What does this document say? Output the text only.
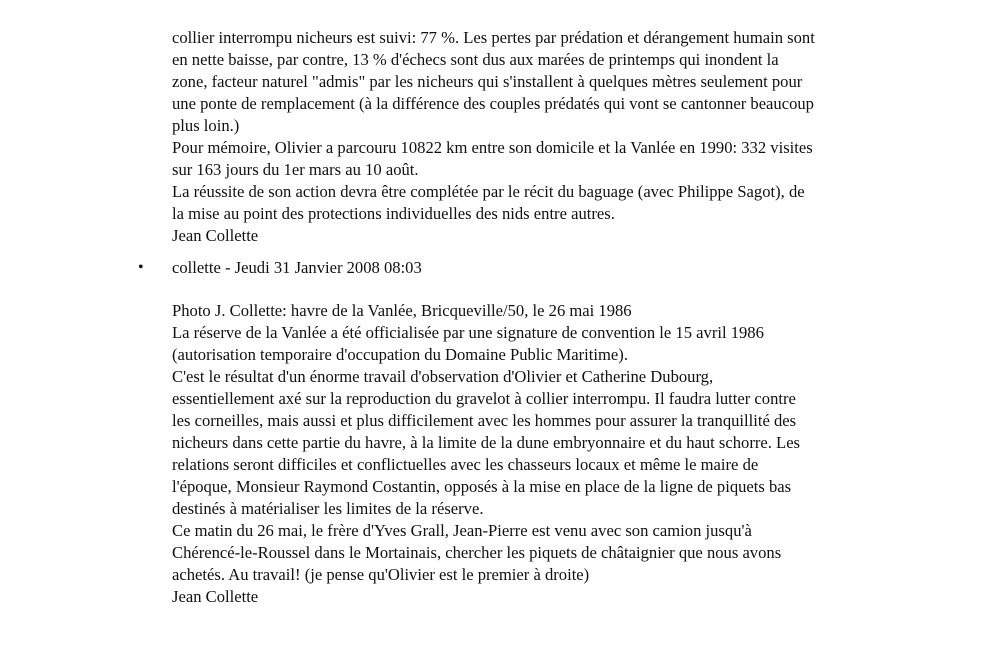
collier interrompu nicheurs est suivi: 77 %. Les pertes par prédation et dérangement humain sont
en nette baisse, par contre, 13 % d'échecs sont dus aux marées de printemps qui inondent la
zone, facteur naturel "admis" par les nicheurs qui s'installent à quelques mètres seulement pour
une ponte de remplacement (à la différence des couples prédatés qui vont se cantonner beaucoup
plus loin.)
Pour mémoire, Olivier a parcouru 10822 km entre son domicile et la Vanlée en 1990: 332 visites
sur 163 jours du 1er mars au 10 août.
La réussite de son action devra être complétée par le récit du baguage (avec Philippe Sagot), de
la mise au point des protections individuelles des nids entre autres.
Jean Collette
•	collette - Jeudi 31 Janvier 2008 08:03
Photo J. Collette: havre de la Vanlée, Bricqueville/50, le 26 mai 1986
La réserve de la Vanlée a été officialisée par une signature de convention le 15 avril 1986
(autorisation temporaire d'occupation du Domaine Public Maritime).
C'est le résultat d'un énorme travail d'observation d'Olivier et Catherine Dubourg,
essentiellement axé sur la reproduction du gravelot à collier interrompu. Il faudra lutter contre
les corneilles, mais aussi et plus difficilement avec les hommes pour assurer la tranquillité des
nicheurs dans cette partie du havre, à la limite de la dune embryonnaire et du haut schorre. Les
relations seront difficiles et conflictuelles avec les chasseurs locaux et même le maire de
l'époque, Monsieur Raymond Costantin, opposés à la mise en place de la ligne de piquets bas
destinés à matérialiser les limites de la réserve.
Ce matin du 26 mai, le frère d'Yves Grall, Jean-Pierre est venu avec son camion jusqu'à
Chérencé-le-Roussel dans le Mortainais, chercher les piquets de châtaignier que nous avons
achetés. Au travail! (je pense qu'Olivier est le premier à droite)
Jean Collette
